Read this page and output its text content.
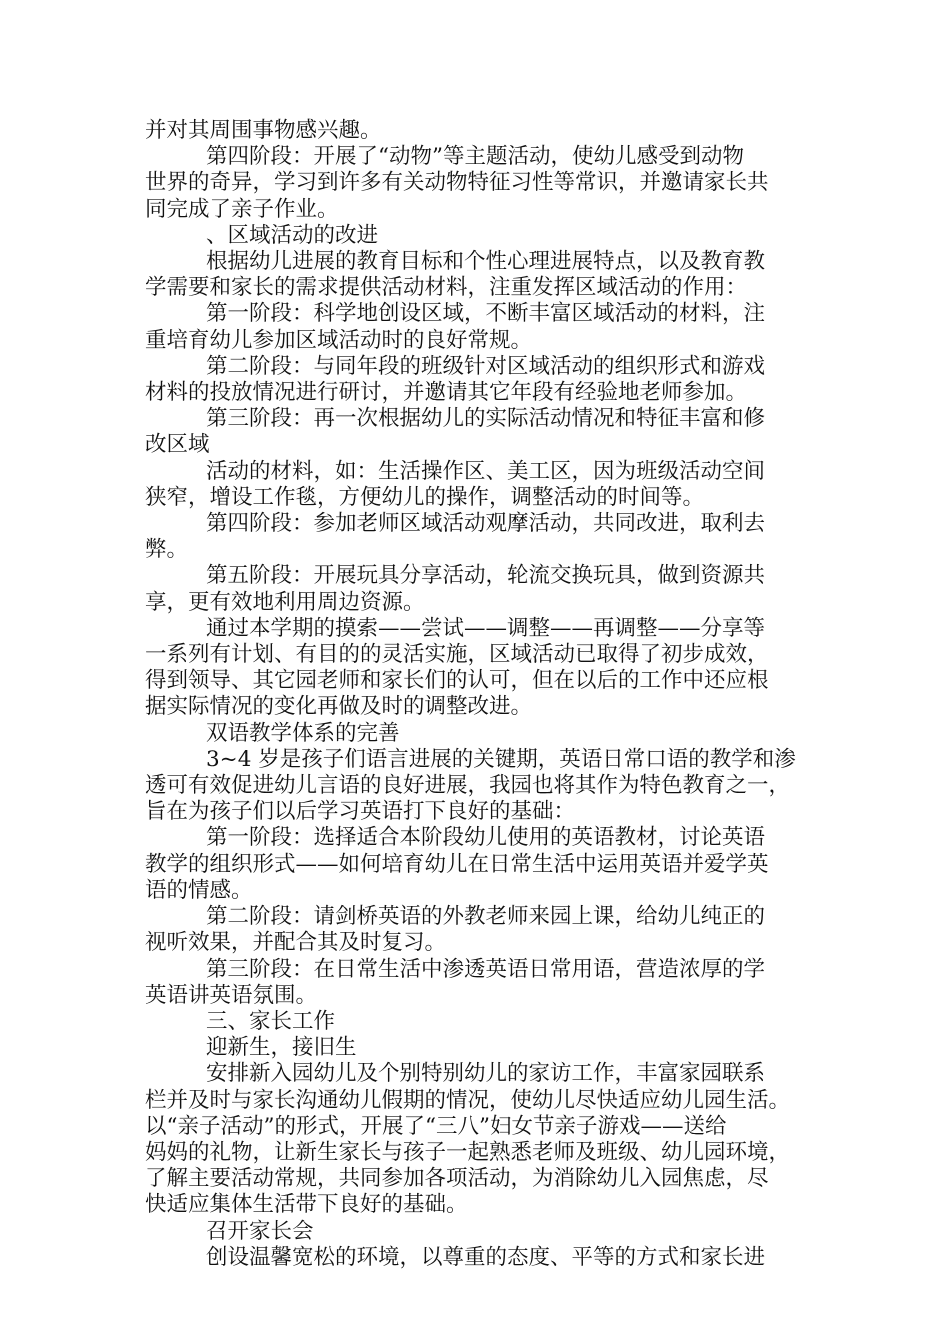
并对其周围事物感兴趣。

第四阶段：开展了“动物”等主题活动，使幼儿感受到动物

世界的奇异，学习到许多有关动物特征习性等常识，并邀请家长共

同完成了亲子作业。

、区域活动的改进

根据幼儿进展的教育目标和个性心理进展特点，以及教育教

学需要和家长的需求提供活动材料，注重发挥区域活动的作用：

第一阶段：科学地创设区域，不断丰富区域活动的材料，注

重培育幼儿参加区域活动时的良好常规。

第二阶段：与同年段的班级针对区域活动的组织形式和游戏

材料的投放情况进行研讨，并邀请其它年段有经验地老师参加。

第三阶段：再一次根据幼儿的实际活动情况和特征丰富和修

改区域

活动的材料，如：生活操作区、美工区，因为班级活动空间

狭窄，增设工作毯，方便幼儿的操作，调整活动的时间等。

第四阶段：参加老师区域活动观摩活动，共同改进，取利去

弊。

第五阶段：开展玩具分享活动，轮流交换玩具，做到资源共

享，更有效地利用周边资源。

通过本学期的摸索——尝试——调整——再调整——分享等

一系列有计划、有目的的灵活实施，区域活动已取得了初步成效，

得到领导、其它园老师和家长们的认可，但在以后的工作中还应根

据实际情况的变化再做及时的调整改进。

双语教学体系的完善

3~4 岁是孩子们语言进展的关键期，英语日常口语的教学和渗

透可有效促进幼儿言语的良好进展，我园也将其作为特色教育之一，

旨在为孩子们以后学习英语打下良好的基础：

第一阶段：选择适合本阶段幼儿使用的英语教材，讨论英语

教学的组织形式——如何培育幼儿在日常生活中运用英语并爱学英

语的情感。

第二阶段：请剑桥英语的外教老师来园上课，给幼儿纯正的

视听效果，并配合其及时复习。

第三阶段：在日常生活中渗透英语日常用语，营造浓厚的学

英语讲英语氛围。

三、家长工作

迎新生，接旧生

安排新入园幼儿及个别特别幼儿的家访工作，丰富家园联系

栏并及时与家长沟通幼儿假期的情况，使幼儿尽快适应幼儿园生活。

以“亲子活动”的形式，开展了“三八”妇女节亲子游戏——送给

妈妈的礼物，让新生家长与孩子一起熟悉老师及班级、幼儿园环境，

了解主要活动常规，共同参加各项活动，为消除幼儿入园焦虑，尽

快适应集体生活带下良好的基础。

召开家长会

创设温馨宽松的环境，以尊重的态度、平等的方式和家长进
